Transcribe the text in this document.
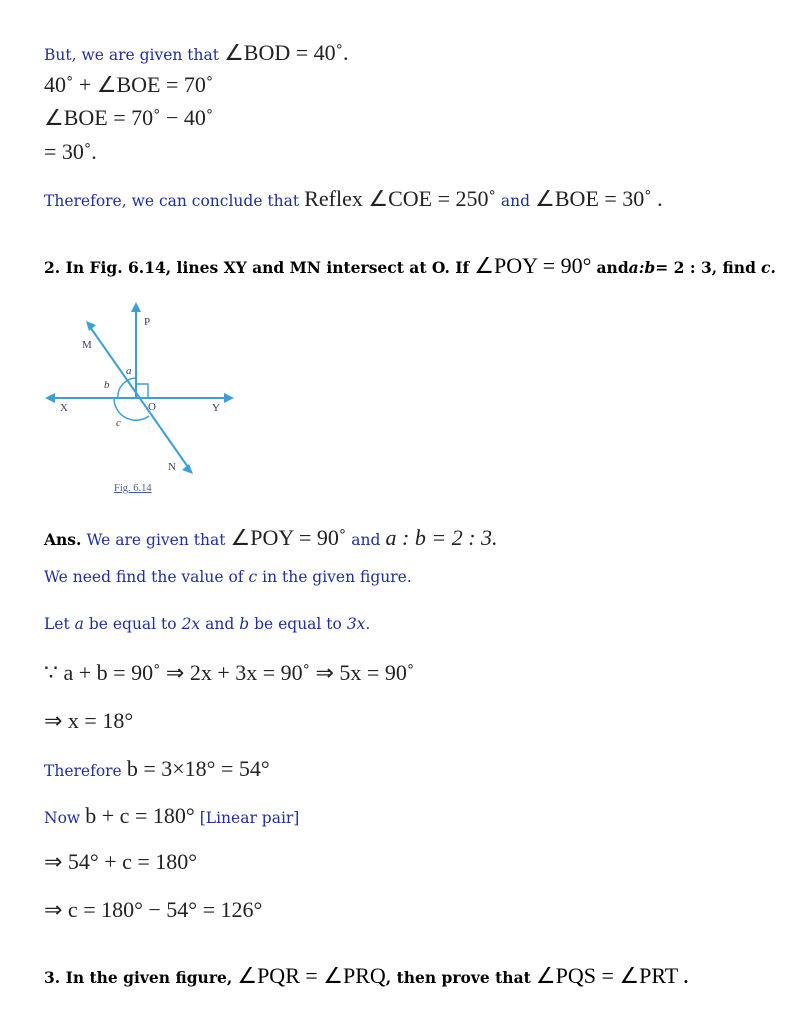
But, we are given that ∠BOD = 40˚.
40˚ + ∠BOE = 70˚
∠BOE = 70˚ − 40˚
= 30˚.
Therefore, we can conclude that Reflex ∠COE = 250˚ and ∠BOE = 30˚ .
2. In Fig. 6.14, lines XY and MN intersect at O. If ∠POY = 90° anda:b= 2 : 3, find c.
P
M
X	Y
O
N
a
b
c
Fig. 6.14
Ans. We are given that ∠POY = 90˚ and a : b = 2 : 3.
We need find the value of c in the given figure.
Let a be equal to 2x and b be equal to 3x.
∵ a + b = 90˚ ⇒ 2x + 3x = 90˚ ⇒ 5x = 90˚
⇒ x = 18°
Therefore b = 3×18° = 54°
Now b + c = 180° [Linear pair]
⇒ 54° + c = 180°
⇒ c = 180° − 54° = 126°
3. In the given figure, ∠PQR = ∠PRQ, then prove that ∠PQS = ∠PRT .
